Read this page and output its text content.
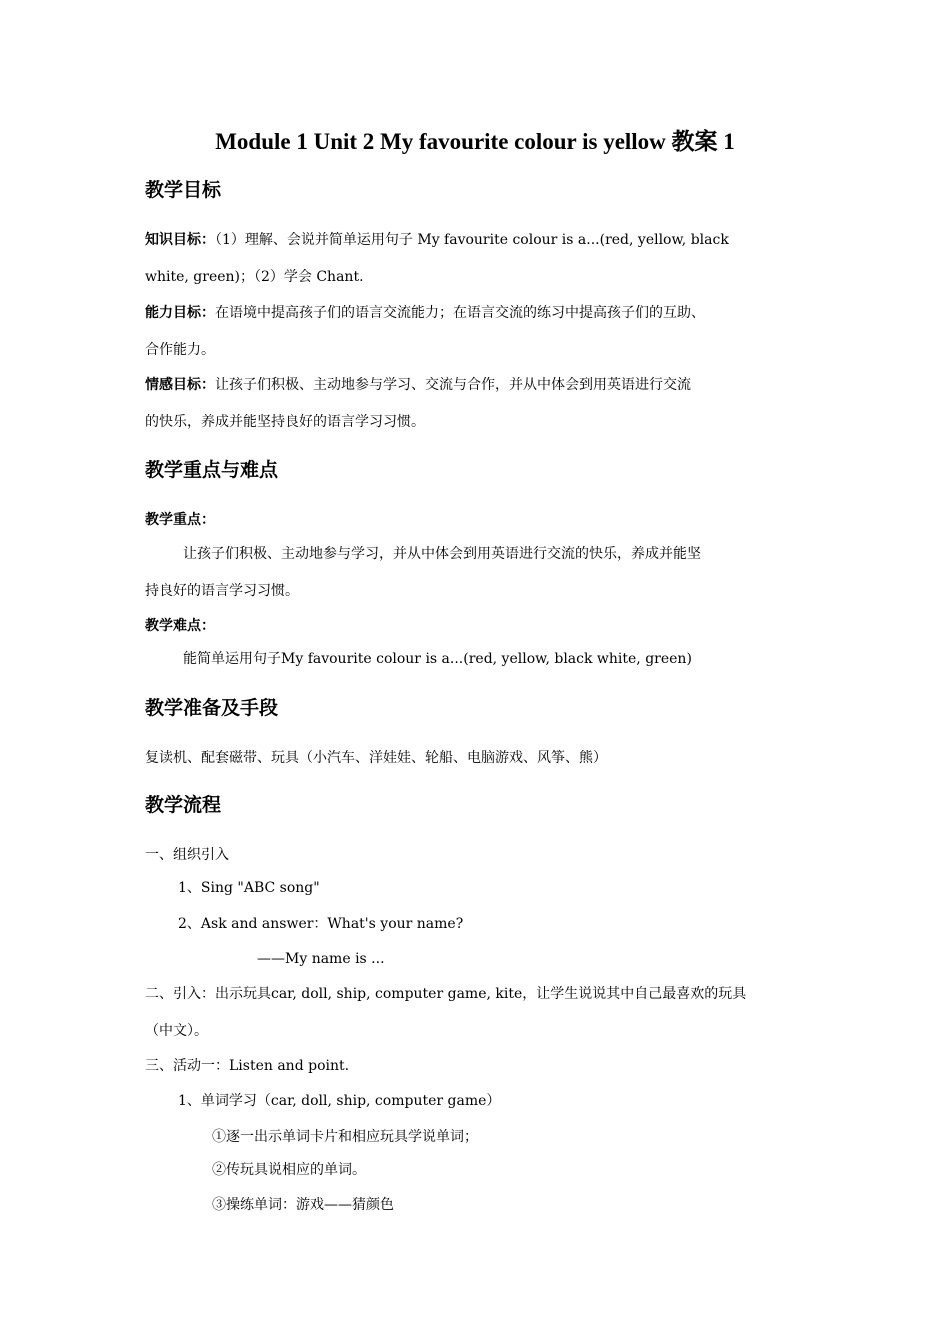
Module 1 Unit 2 My favourite colour is yellow 教案 1
教学目标
知识目标：（1）理解、会说并简单运用句子 My favourite colour is a...(red, yellow, black
white, green)；（2）学会 Chant.
能力目标：在语境中提高孩子们的语言交流能力；在语言交流的练习中提高孩子们的互助、
合作能力。
情感目标：让孩子们积极、主动地参与学习、交流与合作，并从中体会到用英语进行交流
的快乐，养成并能坚持良好的语言学习习惯。
教学重点与难点
教学重点：
让孩子们积极、主动地参与学习，并从中体会到用英语进行交流的快乐，养成并能坚
持良好的语言学习习惯。
教学难点：
能简单运用句子My favourite colour is a...(red, yellow, black white, green)
教学准备及手段
复读机、配套磁带、玩具（小汽车、洋娃娃、轮船、电脑游戏、风筝、熊）
教学流程
一、组织引入
1、Sing "ABC song"
2、Ask and answer：What's your name?
——My name is ...
二、引入：出示玩具car, doll, ship, computer game, kite，让学生说说其中自己最喜欢的玩具
（中文）。
三、活动一：Listen and point.
1、单词学习（car, doll, ship, computer game）
①逐一出示单词卡片和相应玩具学说单词；
②传玩具说相应的单词。
③操练单词：游戏——猜颜色
